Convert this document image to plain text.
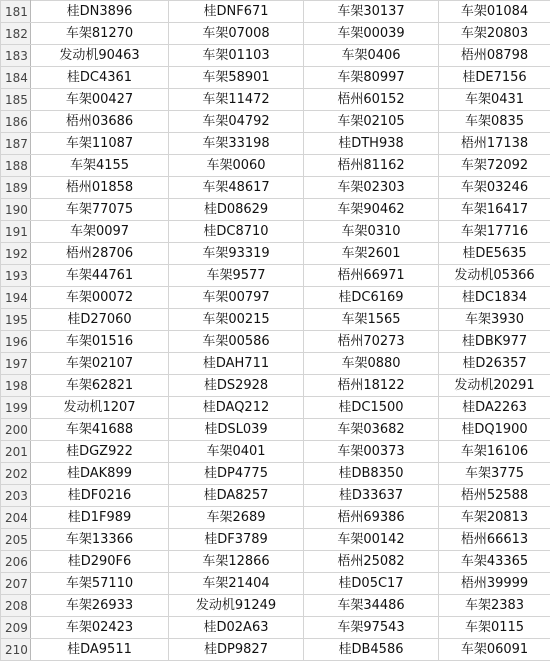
181	桂DN3896	桂DNF671	车架30137	车架01084
182	车架81270	车架07008	车架00039	车架20803
183	发动机90463	车架01103	车架0406	梧州08798
184	桂DC4361	车架58901	车架80997	桂DE7156
185	车架00427	车架11472	梧州60152	车架0431
186	梧州03686	车架04792	车架02105	车架0835
187	车架11087	车架33198	桂DTH938	梧州17138
188	车架4155	车架0060	梧州81162	车架72092
189	梧州01858	车架48617	车架02303	车架03246
190	车架77075	桂D08629	车架90462	车架16417
191	车架0097	桂DC8710	车架0310	车架17716
192	梧州28706	车架93319	车架2601	桂DE5635
193	车架44761	车架9577	梧州66971	发动机05366
194	车架00072	车架00797	桂DC6169	桂DC1834
195	桂D27060	车架00215	车架1565	车架3930
196	车架01516	车架00586	梧州70273	桂DBK977
197	车架02107	桂DAH711	车架0880	桂D26357
198	车架62821	桂DS2928	梧州18122	发动机20291
199	发动机1207	桂DAQ212	桂DC1500	桂DA2263
200	车架41688	桂DSL039	车架03682	桂DQ1900
201	桂DGZ922	车架0401	车架00373	车架16106
202	桂DAK899	桂DP4775	桂DB8350	车架3775
203	桂DF0216	桂DA8257	桂D33637	梧州52588
204	桂D1F989	车架2689	梧州69386	车架20813
205	车架13366	桂DF3789	车架00142	梧州66613
206	桂D290F6	车架12866	梧州25082	车架43365
207	车架57110	车架21404	桂D05C17	梧州39999
208	车架26933	发动机91249	车架34486	车架2383
209	车架02423	桂D02A63	车架97543	车架0115
210	桂DA9511	桂DP9827	桂DB4586	车架06091
